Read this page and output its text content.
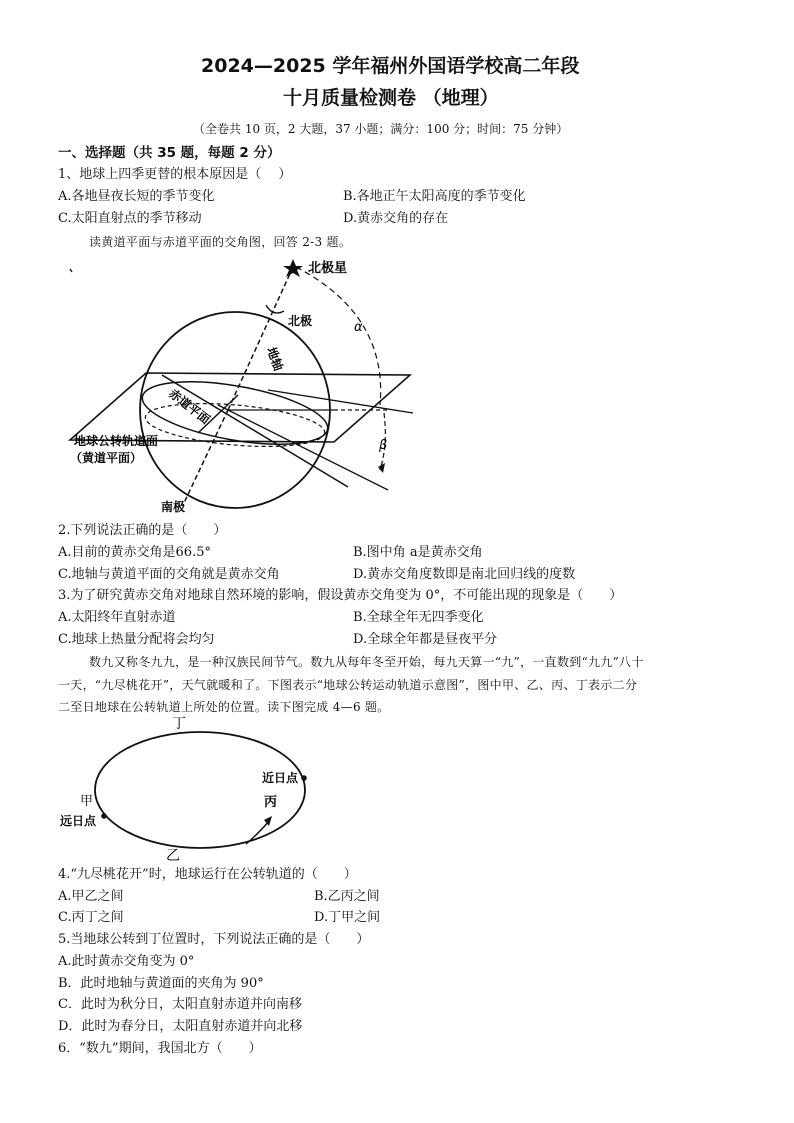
2024—2025 学年福州外国语学校高二年段
十月质量检测卷 （地理）
（全卷共 10 页，2 大题，37 小题；满分：100 分；时间：75 分钟）
一、选择题（共 35 题，每题 2 分）
1、地球上四季更替的根本原因是（　 ）
A.各地昼夜长短的季节变化	B.各地正午太阳高度的季节变化
C.太阳直射点的季节移动	D.黄赤交角的存在
读黄道平面与赤道平面的交角图，回答 2-3 题。
北极星
北极
地轴
赤道平面
地球公转轨道面
（黄道平面）
南极
α
β
2.下列说法正确的是（　　）
A.目前的黄赤交角是66.5°	B.图中角 a是黄赤交角
C.地轴与黄道平面的交角就是黄赤交角	D.黄赤交角度数即是南北回归线的度数
3.为了研究黄赤交角对地球自然环境的影响，假设黄赤交角变为 0°，不可能出现的现象是（　　）
A.太阳终年直射赤道	B.全球全年无四季变化
C.地球上热量分配将会均匀	D.全球全年都是昼夜平分
数九又称冬九九，是一种汉族民间节气。数九从每年冬至开始，每九天算一“九”，一直数到“九九”八十
一天，“九尽桃花开”，天气就暖和了。下图表示“地球公转运动轨道示意图”，图中甲、乙、丙、丁表示二分
二至日地球在公转轨道上所处的位置。读下图完成 4—6 题。
丁
乙
甲	丙
近日点
远日点
4.“九尽桃花开”时，地球运行在公转轨道的（　　）
A.甲乙之间	B.乙丙之间
C.丙丁之间	D.丁甲之间
5.当地球公转到丁位置时，下列说法正确的是（　　）
A.此时黄赤交角变为 0°
B．此时地轴与黄道面的夹角为 90°
C．此时为秋分日，太阳直射赤道并向南移
D．此时为春分日，太阳直射赤道并向北移
6．“数九”期间，我国北方（　　）
